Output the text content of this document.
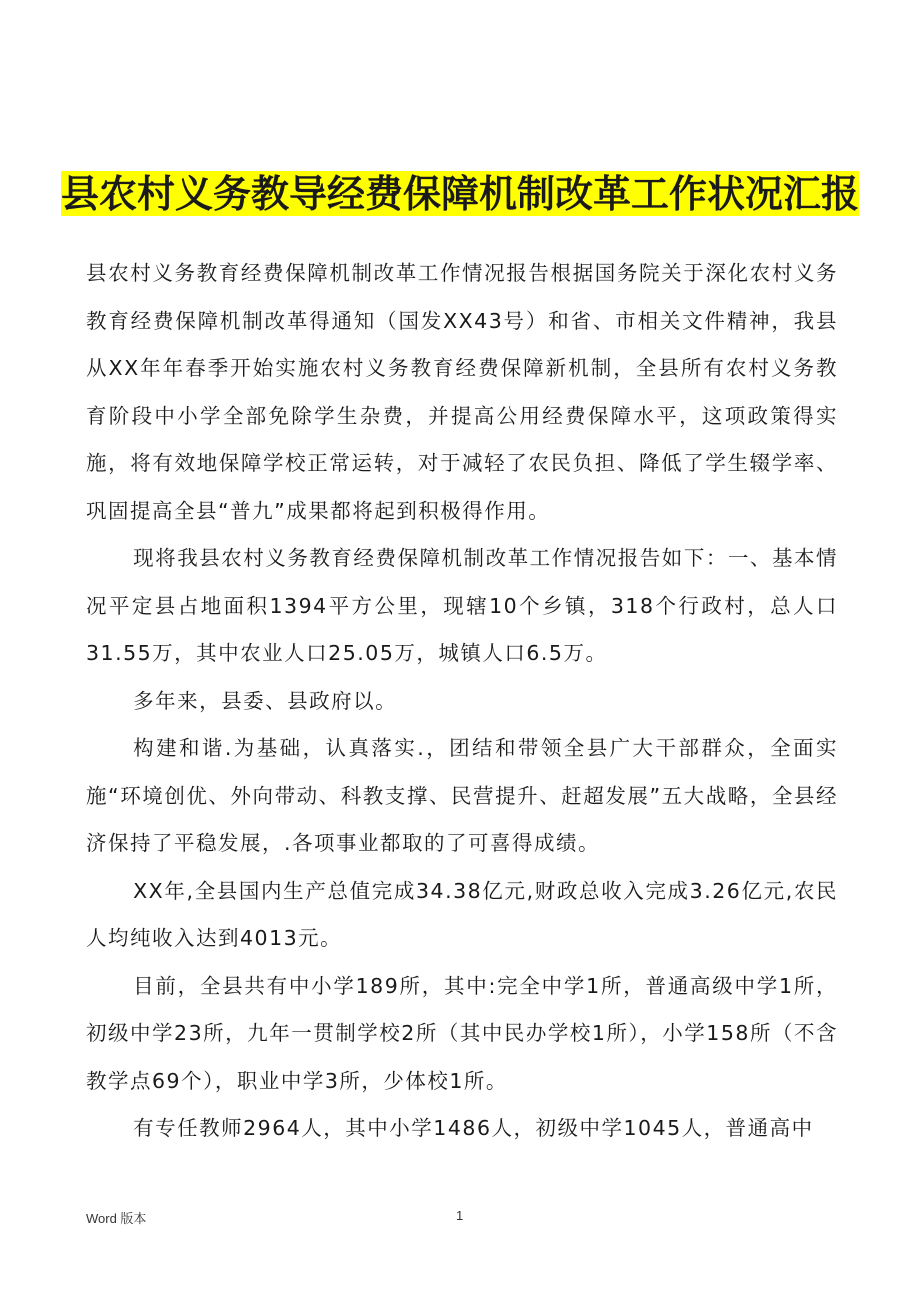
县农村义务教导经费保障机制改革工作状况汇报

县农村义务教育经费保障机制改革工作情况报告根据国务院关于深化农村义务教育经费保障机制改革得通知（国发XX43号）和省、市相关文件精神，我县从XX年年春季开始实施农村义务教育经费保障新机制，全县所有农村义务教育阶段中小学全部免除学生杂费，并提高公用经费保障水平，这项政策得实施，将有效地保障学校正常运转，对于减轻了农民负担、降低了学生辍学率、巩固提高全县“普九”成果都将起到积极得作用。

现将我县农村义务教育经费保障机制改革工作情况报告如下：一、基本情况平定县占地面积1394平方公里，现辖10个乡镇，318个行政村，总人口31.55万，其中农业人口25.05万，城镇人口6.5万。

多年来，县委、县政府以。

构建和谐.为基础，认真落实.，团结和带领全县广大干部群众，全面实施“环境创优、外向带动、科教支撑、民营提升、赶超发展”五大战略，全县经济保持了平稳发展，.各项事业都取的了可喜得成绩。

XX年,全县国内生产总值完成34.38亿元,财政总收入完成3.26亿元,农民人均纯收入达到4013元。

目前，全县共有中小学189所，其中:完全中学1所，普通高级中学1所，初级中学23所，九年一贯制学校2所（其中民办学校1所），小学158所（不含教学点69个），职业中学3所，少体校1所。

有专任教师2964人，其中小学1486人，初级中学1045人，普通高中

Word 版本	1
